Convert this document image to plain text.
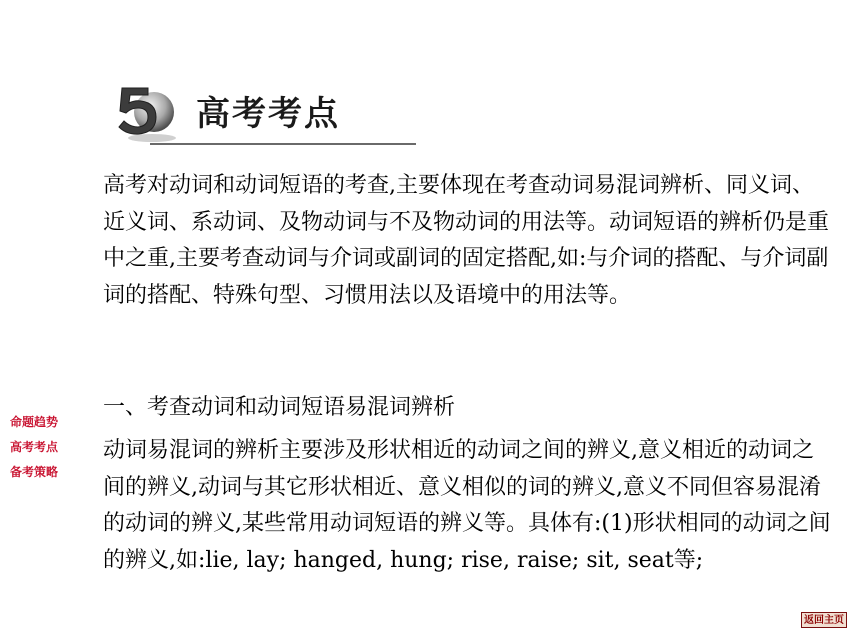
高考考点

高考对动词和动词短语的考查,主要体现在考查动词易混词辨析、同义词、近义词、系动词、及物动词与不及物动词的用法等。动词短语的辨析仍是重中之重,主要考查动词与介词或副词的固定搭配,如:与介词的搭配、与介词副词的搭配、特殊句型、习惯用法以及语境中的用法等。

一、考查动词和动词短语易混词辨析

动词易混词的辨析主要涉及形状相近的动词之间的辨义,意义相近的动词之间的辨义,动词与其它形状相近、意义相似的词的辨义,意义不同但容易混淆的动词的辨义,某些常用动词短语的辨义等。具体有:(1)形状相同的动词之间的辨义,如:lie, lay; hanged, hung; rise, raise; sit, seat等;

命题趋势
高考考点
备考策略
返回主页
